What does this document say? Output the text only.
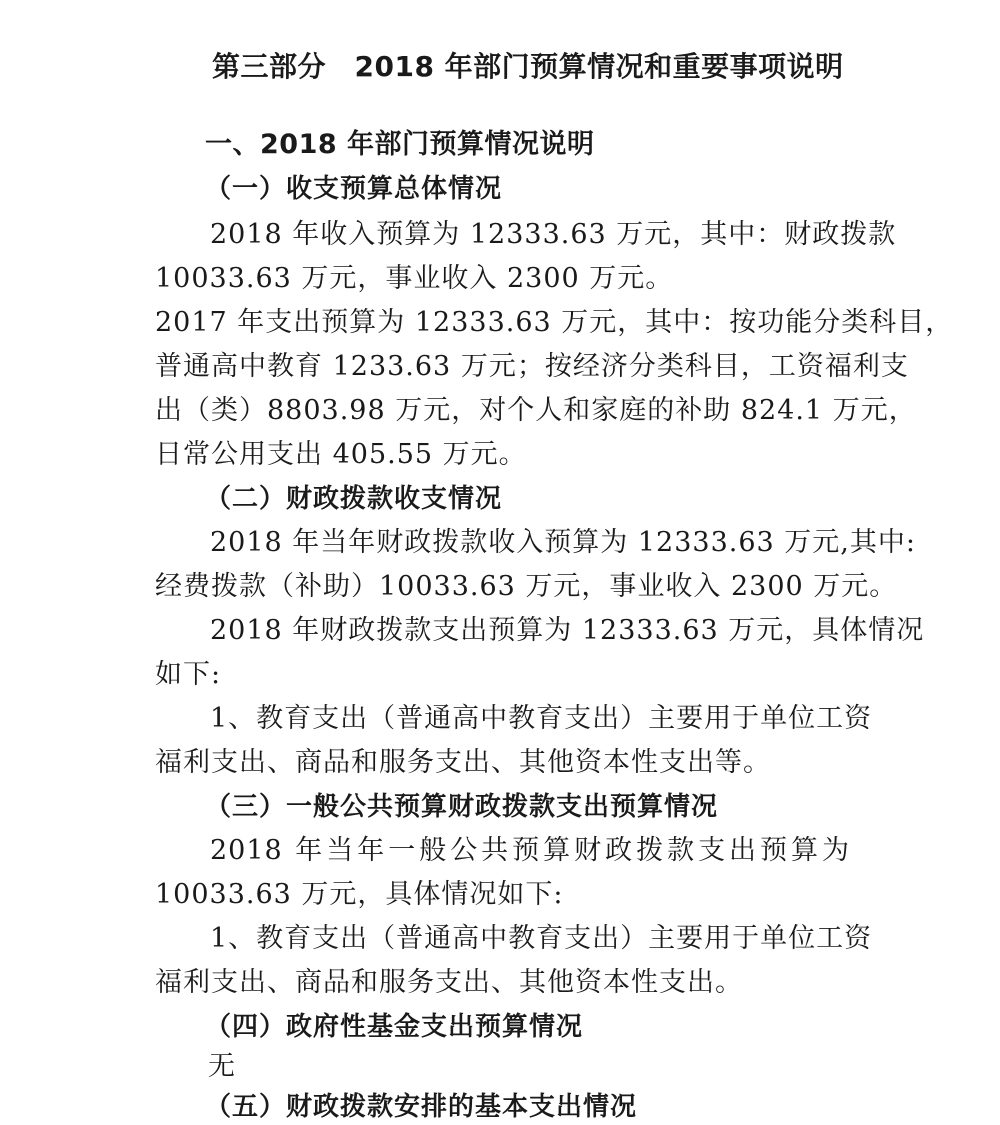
第三部分　2018 年部门预算情况和重要事项说明
一、2018 年部门预算情况说明
（一）收支预算总体情况
2018 年收入预算为 12333.63 万元，其中：财政拨款
10033.63 万元，事业收入 2300 万元。
2017 年支出预算为 12333.63 万元，其中：按功能分类科目，
普通高中教育 1233.63 万元；按经济分类科目，工资福利支
出（类）8803.98 万元，对个人和家庭的补助 824.1 万元，
日常公用支出 405.55 万元。
（二）财政拨款收支情况
2018 年当年财政拨款收入预算为 12333.63 万元,其中:
经费拨款（补助）10033.63 万元，事业收入 2300 万元。
2018 年财政拨款支出预算为 12333.63 万元，具体情况
如下:
1、教育支出（普通高中教育支出）主要用于单位工资
福利支出、商品和服务支出、其他资本性支出等。
（三）一般公共预算财政拨款支出预算情况
2018 年当年一般公共预算财政拨款支出预算为
10033.63 万元，具体情况如下:
1、教育支出（普通高中教育支出）主要用于单位工资
福利支出、商品和服务支出、其他资本性支出。
（四）政府性基金支出预算情况
无
（五）财政拨款安排的基本支出情况
